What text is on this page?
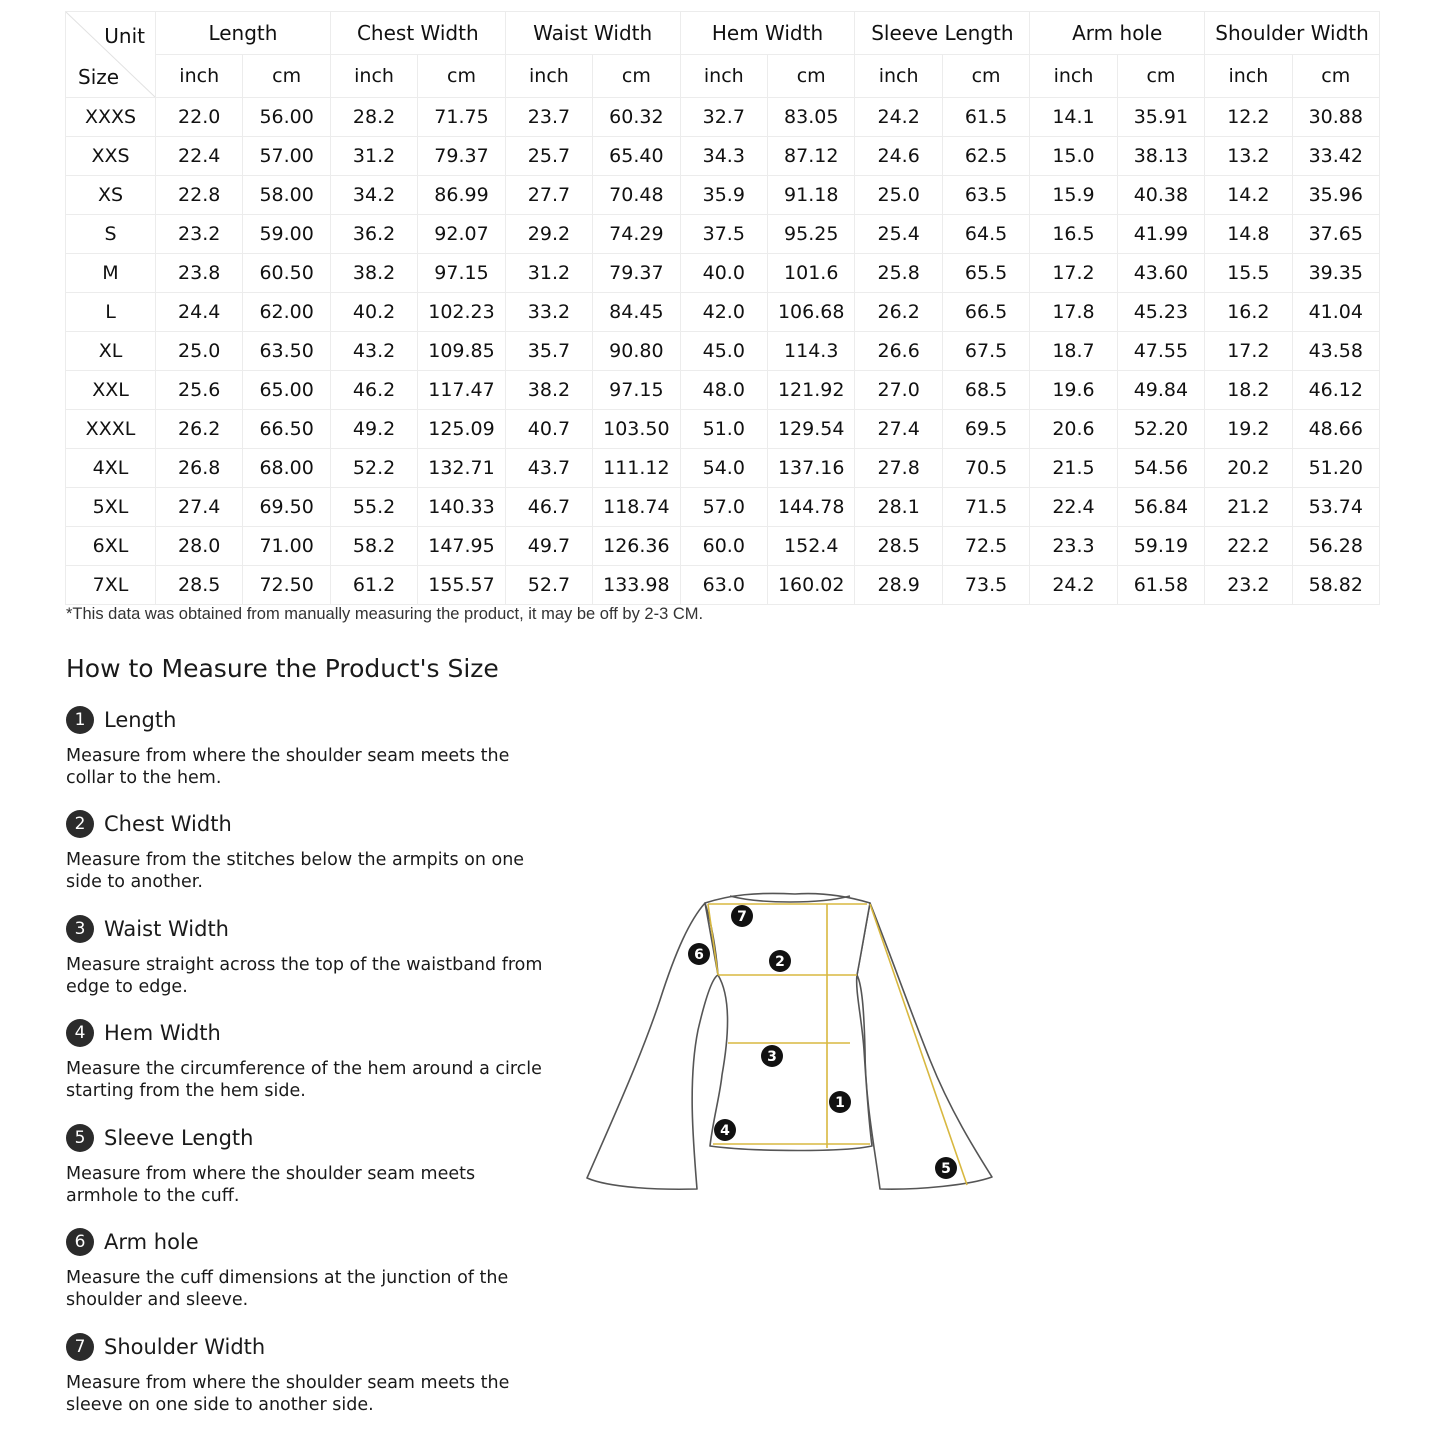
Unit
Size	Length		Chest Width		Waist Width		Hem Width		Sleeve Length		Arm hole		Shoulder Width	
	inch	cm	inch	cm	inch	cm	inch	cm	inch	cm	inch	cm	inch	cm
XXXS	22.0	56.00	28.2	71.75	23.7	60.32	32.7	83.05	24.2	61.5	14.1	35.91	12.2	30.88
XXS	22.4	57.00	31.2	79.37	25.7	65.40	34.3	87.12	24.6	62.5	15.0	38.13	13.2	33.42
XS	22.8	58.00	34.2	86.99	27.7	70.48	35.9	91.18	25.0	63.5	15.9	40.38	14.2	35.96
S	23.2	59.00	36.2	92.07	29.2	74.29	37.5	95.25	25.4	64.5	16.5	41.99	14.8	37.65
M	23.8	60.50	38.2	97.15	31.2	79.37	40.0	101.6	25.8	65.5	17.2	43.60	15.5	39.35
L	24.4	62.00	40.2	102.23	33.2	84.45	42.0	106.68	26.2	66.5	17.8	45.23	16.2	41.04
XL	25.0	63.50	43.2	109.85	35.7	90.80	45.0	114.3	26.6	67.5	18.7	47.55	17.2	43.58
XXL	25.6	65.00	46.2	117.47	38.2	97.15	48.0	121.92	27.0	68.5	19.6	49.84	18.2	46.12
XXXL	26.2	66.50	49.2	125.09	40.7	103.50	51.0	129.54	27.4	69.5	20.6	52.20	19.2	48.66
4XL	26.8	68.00	52.2	132.71	43.7	111.12	54.0	137.16	27.8	70.5	21.5	54.56	20.2	51.20
5XL	27.4	69.50	55.2	140.33	46.7	118.74	57.0	144.78	28.1	71.5	22.4	56.84	21.2	53.74
6XL	28.0	71.00	58.2	147.95	49.7	126.36	60.0	152.4	28.5	72.5	23.3	59.19	22.2	56.28
7XL	28.5	72.50	61.2	155.57	52.7	133.98	63.0	160.02	28.9	73.5	24.2	61.58	23.2	58.82
*This data was obtained from manually measuring the product, it may be off by 2-3 CM.
How to Measure the Product's Size
1 Length
Measure from where the shoulder seam meets the collar to the hem.
2 Chest Width
Measure from the stitches below the armpits on one side to another.
3 Waist Width
Measure straight across the top of the waistband from edge to edge.
4 Hem Width
Measure the circumference of the hem around a circle starting from the hem side.
5 Sleeve Length
Measure from where the shoulder seam meets armhole to the cuff.
6 Arm hole
Measure the cuff dimensions at the junction of the shoulder and sleeve.
7 Shoulder Width
Measure from where the shoulder seam meets the sleeve on one side to another side.
1
2
3
4
5
6
7
